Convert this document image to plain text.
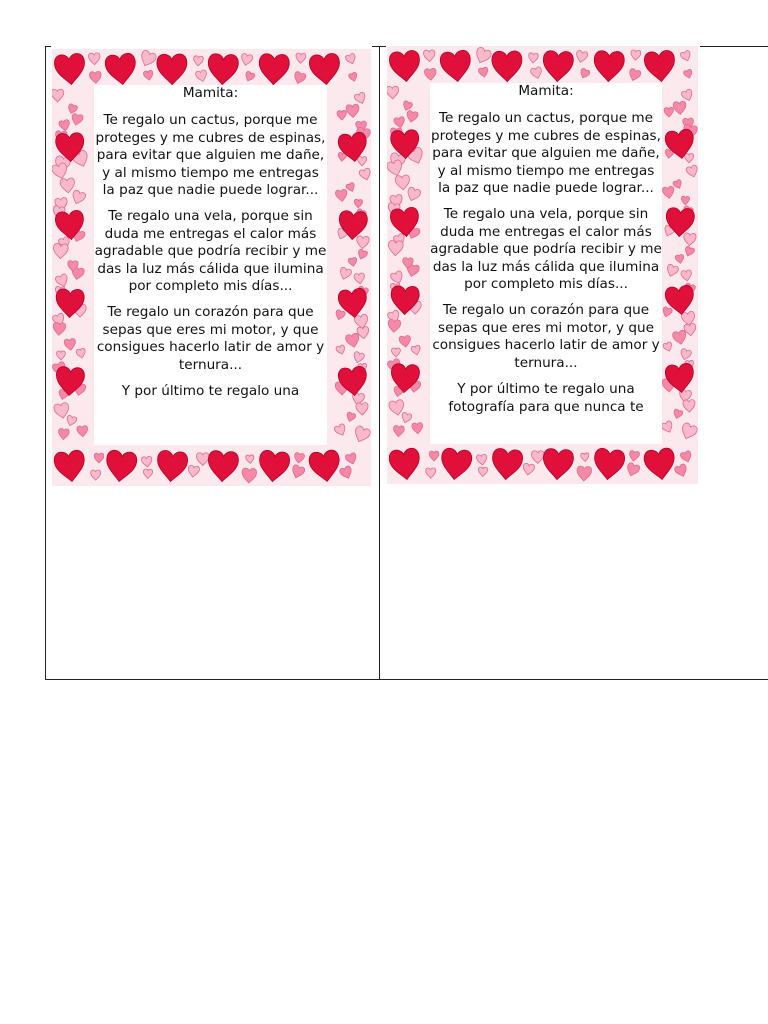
Mamita:

Te regalo un cactus, porque me proteges y me cubres de espinas, para evitar que alguien me dañe, y al mismo tiempo me entregas la paz que nadie puede lograr...

Te regalo una vela, porque sin duda me entregas el calor más agradable que podría recibir y me das la luz más cálida que ilumina por completo mis días...

Te regalo un corazón para que sepas que eres mi motor, y que consigues hacerlo latir de amor y ternura...

Y por último te regalo una

Mamita:

Te regalo un cactus, porque me proteges y me cubres de espinas, para evitar que alguien me dañe, y al mismo tiempo me entregas la paz que nadie puede lograr...

Te regalo una vela, porque sin duda me entregas el calor más agradable que podría recibir y me das la luz más cálida que ilumina por completo mis días...

Te regalo un corazón para que sepas que eres mi motor, y que consigues hacerlo latir de amor y ternura...

Y por último te regalo una fotografía para que nunca te
